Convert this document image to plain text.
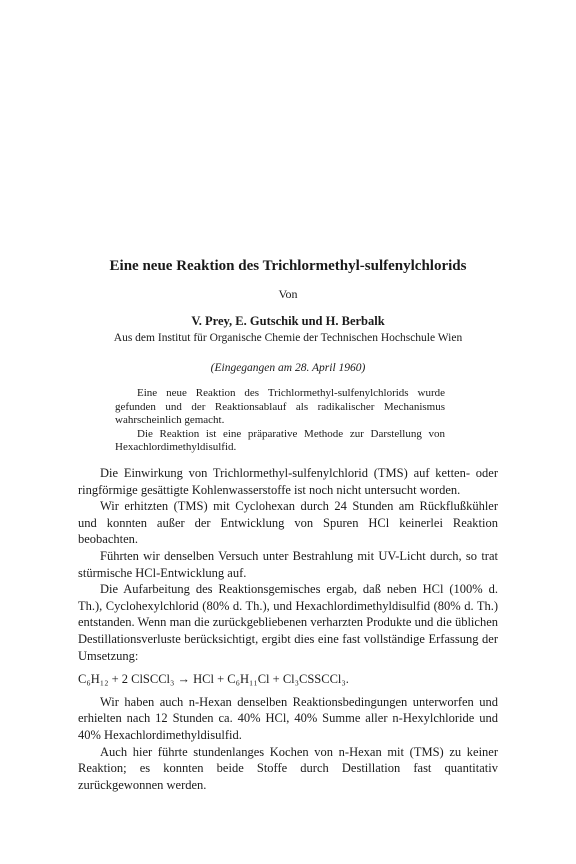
Eine neue Reaktion des Trichlormethyl-sulfenylchlorids
Von
V. Prey, E. Gutschik und H. Berbalk
Aus dem Institut für Organische Chemie der Technischen Hochschule Wien
(Eingegangen am 28. April 1960)

Eine neue Reaktion des Trichlormethyl-sulfenylchlorids wurde gefunden und der Reaktionsablauf als radikalischer Mechanismus wahrscheinlich gemacht.

Die Reaktion ist eine präparative Methode zur Darstellung von Hexachlordimethyldisulfid.

Die Einwirkung von Trichlormethyl-sulfenylchlorid (TMS) auf ketten- oder ringförmige gesättigte Kohlenwasserstoffe ist noch nicht untersucht worden.

Wir erhitzten (TMS) mit Cyclohexan durch 24 Stunden am Rückflußkühler und konnten außer der Entwicklung von Spuren HCl keinerlei Reaktion beobachten.

Führten wir denselben Versuch unter Bestrahlung mit UV-Licht durch, so trat stürmische HCl-Entwicklung auf.

Die Aufarbeitung des Reaktionsgemisches ergab, daß neben HCl (100% d. Th.), Cyclohexylchlorid (80% d. Th.), und Hexachlordimethyldisulfid (80% d. Th.) entstanden. Wenn man die zurückgebliebenen verharzten Produkte und die üblichen Destillationsverluste berücksichtigt, ergibt dies eine fast vollständige Erfassung der Umsetzung:

C₆H₁₂ + 2 ClSCCl₃ → HCl + C₆H₁₁Cl + Cl₃CSSCCl₃.

Wir haben auch n-Hexan denselben Reaktionsbedingungen unterworfen und erhielten nach 12 Stunden ca. 40% HCl, 40% Summe aller n-Hexylchloride und 40% Hexachlordimethyldisulfid.

Auch hier führte stundenlanges Kochen von n-Hexan mit (TMS) zu keiner Reaktion; es konnten beide Stoffe durch Destillation fast quantitativ zurückgewonnen werden.
